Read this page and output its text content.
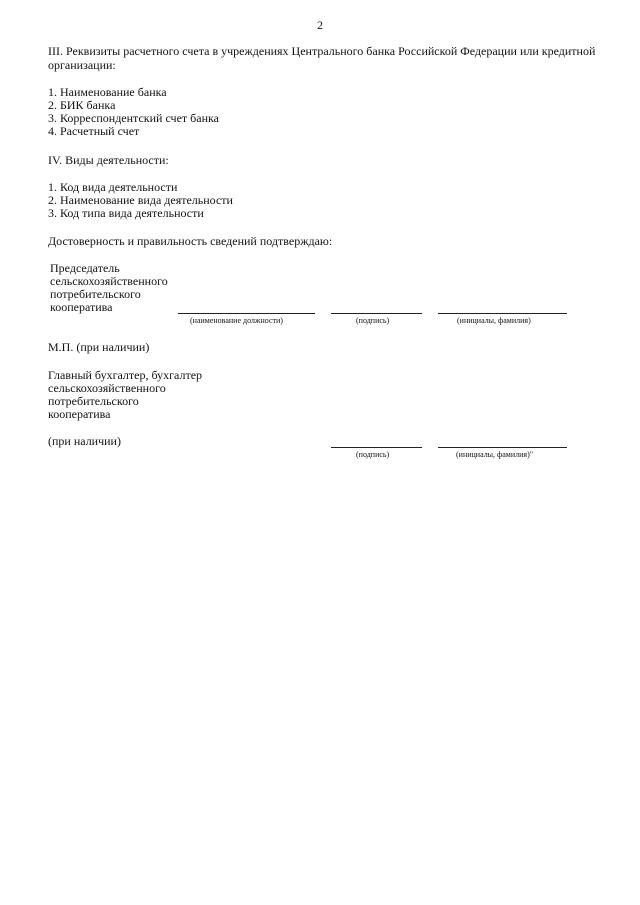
2
III. Реквизиты расчетного счета в учреждениях Центрального банка Российской Федерации или кредитной
организации:
1. Наименование банка
2. БИК банка
3. Корреспондентский счет банка
4. Расчетный счет
IV. Виды деятельности:
1. Код вида деятельности
2. Наименование вида деятельности
3. Код типа вида деятельности
Достоверность и правильность сведений подтверждаю:
Председатель
сельскохозяйственного
потребительского
кооператива
(наименование должности)	(подпись)	(инициалы, фамилия)
М.П. (при наличии)
Главный бухгалтер, бухгалтер
сельскохозяйственного
потребительского
кооператива
(при наличии)
(подпись)	(инициалы, фамилия)"
